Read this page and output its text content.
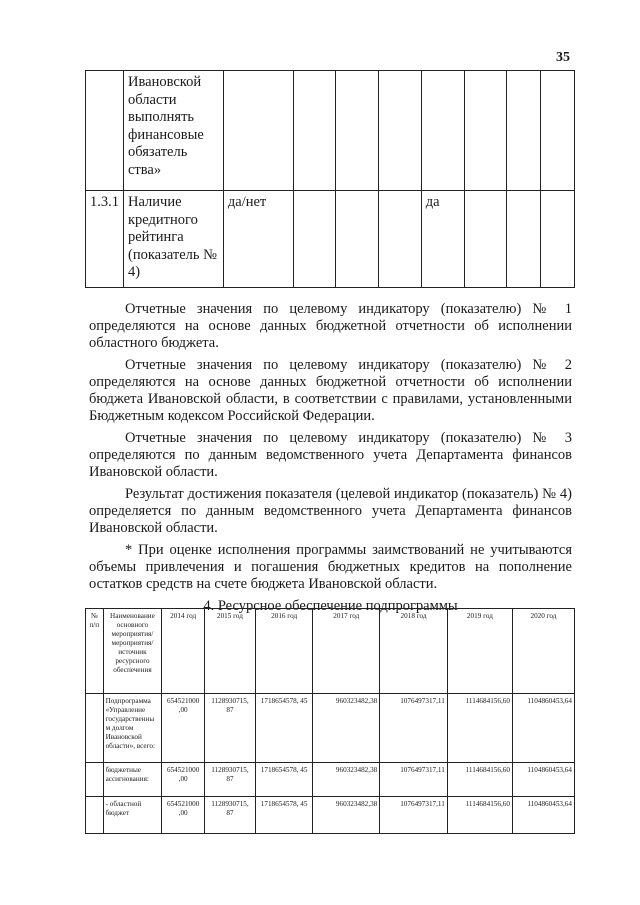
35
	Ивановской области выполнять финансовые обязатель ства»								
1.3.1	Наличие кредитного рейтинга (показатель № 4)	да/нет				да			

Отчетные значения по целевому индикатору (показателю) № 1 определяются на основе данных бюджетной отчетности об исполнении областного бюджета.

Отчетные значения по целевому индикатору (показателю) № 2 определяются на основе данных бюджетной отчетности об исполнении бюджета Ивановской области, в соответствии с правилами, установленными Бюджетным кодексом Российской Федерации.

Отчетные значения по целевому индикатору (показателю) № 3 определяются по данным ведомственного учета Департамента финансов Ивановской области.

Результат достижения показателя (целевой индикатор (показатель) № 4) определяется по данным ведомственного учета Департамента финансов Ивановской области.

* При оценке исполнения программы заимствований не учитываются объемы привлечения и погашения бюджетных кредитов на пополнение остатков средств на счете бюджета Ивановской области.

4. Ресурсное обеспечение подпрограммы

№ п/п	Наименование основного мероприятия/ мероприятия/ источник ресурсного обеспечения	2014 год	2015 год	2016 год	2017 год	2018 год	2019 год	2020 год
	Подпрограмма «Управление государственны м долгом Ивановской области», всего:	654521000 ,00	1128930715, 87	1718654578, 45	960323482,38	1076497317,11	1114684156,60	1104860453,64
	бюджетные ассигнования:	654521000 ,00	1128930715, 87	1718654578, 45	960323482,38	1076497317,11	1114684156,60	1104860453,64
	- областной бюджет	654521000 ,00	1128930715, 87	1718654578, 45	960323482,38	1076497317,11	1114684156,60	1104860453,64
